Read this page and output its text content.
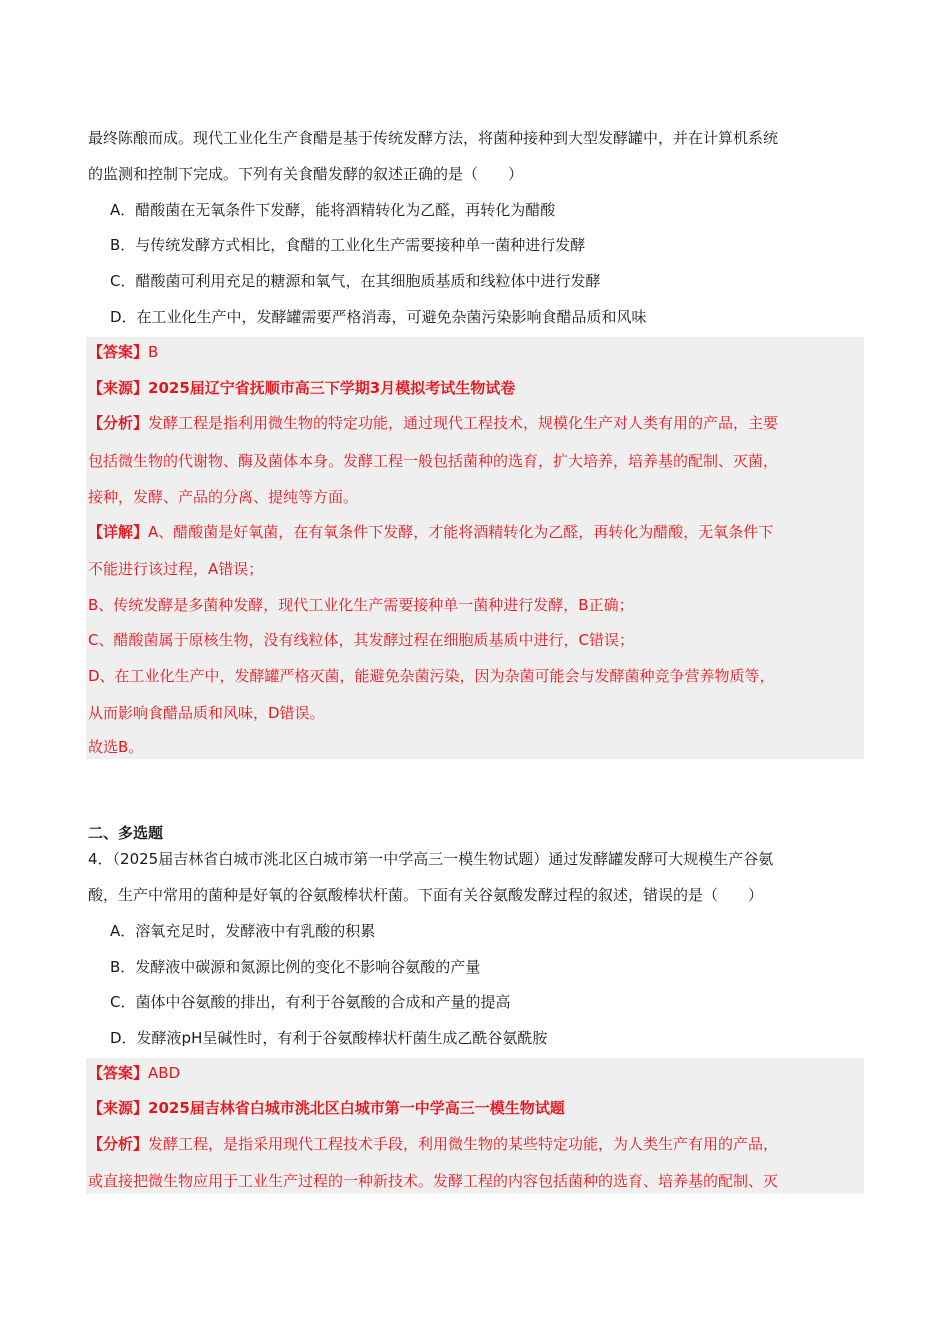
最终陈酿而成。现代工业化生产食醋是基于传统发酵方法，将菌种接种到大型发酵罐中，并在计算机系统
的监测和控制下完成。下列有关食醋发酵的叙述正确的是（　　）
A．醋酸菌在无氧条件下发酵，能将酒精转化为乙醛，再转化为醋酸
B．与传统发酵方式相比，食醋的工业化生产需要接种单一菌种进行发酵
C．醋酸菌可利用充足的糖源和氧气，在其细胞质基质和线粒体中进行发酵
D．在工业化生产中，发酵罐需要严格消毒，可避免杂菌污染影响食醋品质和风味
【答案】B
【来源】2025届辽宁省抚顺市高三下学期3月模拟考试生物试卷
【分析】发酵工程是指利用微生物的特定功能，通过现代工程技术，规模化生产对人类有用的产品，主要
包括微生物的代谢物、酶及菌体本身。发酵工程一般包括菌种的选育，扩大培养，培养基的配制、灭菌，
接种，发酵、产品的分离、提纯等方面。
【详解】A、醋酸菌是好氧菌，在有氧条件下发酵，才能将酒精转化为乙醛，再转化为醋酸，无氧条件下
不能进行该过程，A错误；
B、传统发酵是多菌种发酵，现代工业化生产需要接种单一菌种进行发酵，B正确；
C、醋酸菌属于原核生物，没有线粒体，其发酵过程在细胞质基质中进行，C错误；
D、在工业化生产中，发酵罐严格灭菌，能避免杂菌污染，因为杂菌可能会与发酵菌种竞争营养物质等，
从而影响食醋品质和风味，D错误。
故选B。
二、多选题
4．（2025届吉林省白城市洮北区白城市第一中学高三一模生物试题）通过发酵罐发酵可大规模生产谷氨
酸，生产中常用的菌种是好氧的谷氨酸棒状杆菌。下面有关谷氨酸发酵过程的叙述，错误的是（　　）
A．溶氧充足时，发酵液中有乳酸的积累
B．发酵液中碳源和氮源比例的变化不影响谷氨酸的产量
C．菌体中谷氨酸的排出，有利于谷氨酸的合成和产量的提高
D．发酵液pH呈碱性时，有利于谷氨酸棒状杆菌生成乙酰谷氨酰胺
【答案】ABD
【来源】2025届吉林省白城市洮北区白城市第一中学高三一模生物试题
【分析】发酵工程，是指采用现代工程技术手段，利用微生物的某些特定功能，为人类生产有用的产品，
或直接把微生物应用于工业生产过程的一种新技术。发酵工程的内容包括菌种的选育、培养基的配制、灭
